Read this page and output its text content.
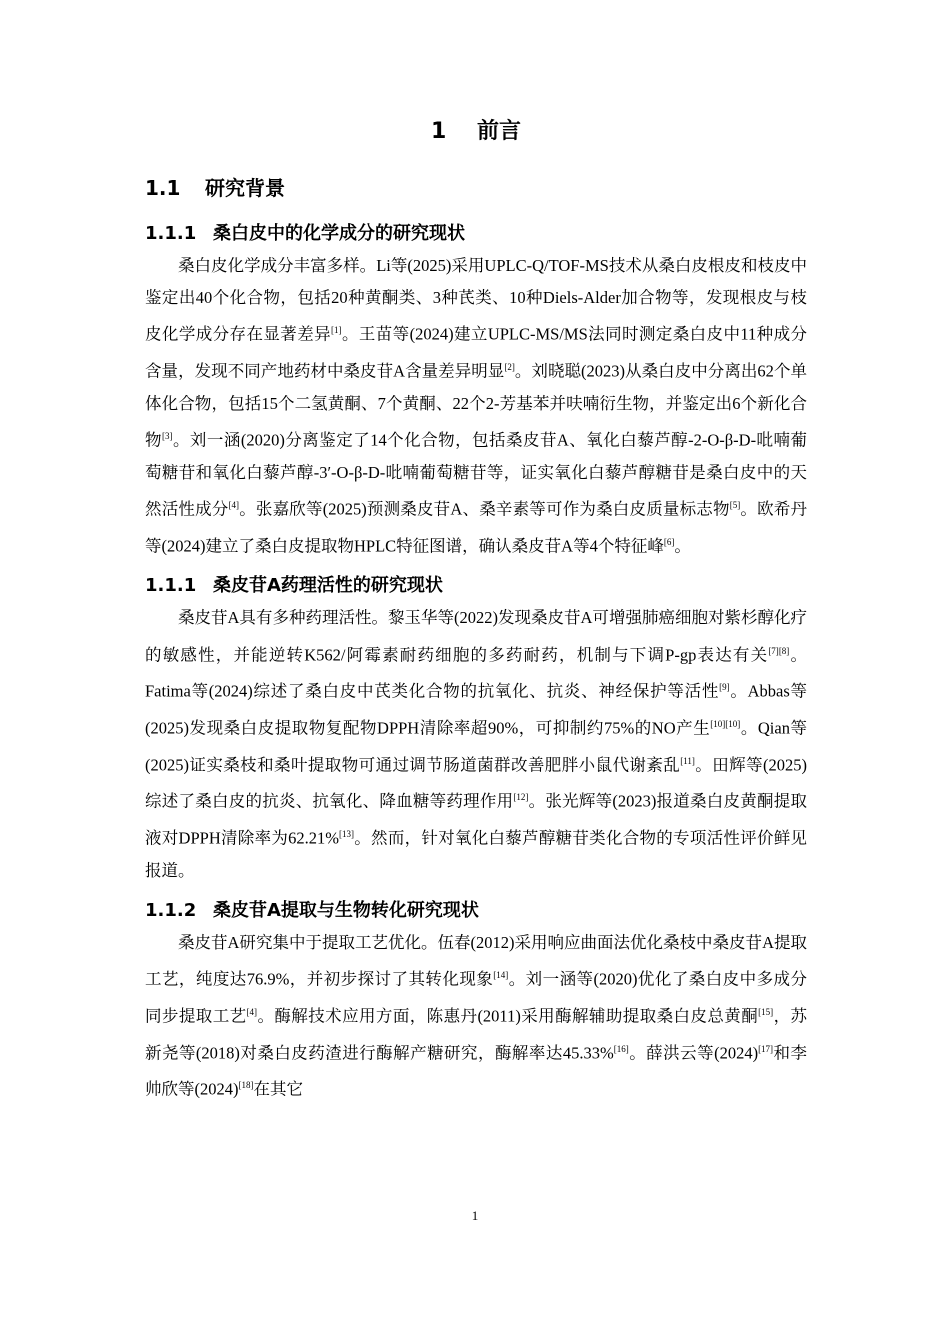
1 前言
1.1 研究背景
1.1.1 桑白皮中的化学成分的研究现状

桑白皮化学成分丰富多样。Li等(2025)采用UPLC-Q/TOF-MS技术从桑白皮根皮和枝皮中鉴定出40个化合物，包括20种黄酮类、3种芪类、10种Diels-Alder加合物等，发现根皮与枝皮化学成分存在显著差异[1]。王苗等(2024)建立UPLC-MS/MS法同时测定桑白皮中11种成分含量，发现不同产地药材中桑皮苷A含量差异明显[2]。刘晓聪(2023)从桑白皮中分离出62个单体化合物，包括15个二氢黄酮、7个黄酮、22个2-芳基苯并呋喃衍生物，并鉴定出6个新化合物[3]。刘一涵(2020)分离鉴定了14个化合物，包括桑皮苷A、氧化白藜芦醇-2-O-β-D-吡喃葡萄糖苷和氧化白藜芦醇-3′-O-β-D-吡喃葡萄糖苷等，证实氧化白藜芦醇糖苷是桑白皮中的天然活性成分[4]。张嘉欣等(2025)预测桑皮苷A、桑辛素等可作为桑白皮质量标志物[5]。欧希丹等(2024)建立了桑白皮提取物HPLC特征图谱，确认桑皮苷A等4个特征峰[6]。

1.1.1 桑皮苷A药理活性的研究现状

桑皮苷A具有多种药理活性。黎玉华等(2022)发现桑皮苷A可增强肺癌细胞对紫杉醇化疗的敏感性，并能逆转K562/阿霉素耐药细胞的多药耐药，机制与下调P-gp表达有关[7][8]。Fatima等(2024)综述了桑白皮中芪类化合物的抗氧化、抗炎、神经保护等活性[9]。Abbas等(2025)发现桑白皮提取物复配物DPPH清除率超90%，可抑制约75%的NO产生[10][10]。Qian等(2025)证实桑枝和桑叶提取物可通过调节肠道菌群改善肥胖小鼠代谢紊乱[11]。田辉等(2025)综述了桑白皮的抗炎、抗氧化、降血糖等药理作用[12]。张光辉等(2023)报道桑白皮黄酮提取液对DPPH清除率为62.21%[13]。然而，针对氧化白藜芦醇糖苷类化合物的专项活性评价鲜见报道。

1.1.2 桑皮苷A提取与生物转化研究现状

桑皮苷A研究集中于提取工艺优化。伍春(2012)采用响应曲面法优化桑枝中桑皮苷A提取工艺，纯度达76.9%，并初步探讨了其转化现象[14]。刘一涵等(2020)优化了桑白皮中多成分同步提取工艺[4]。酶解技术应用方面，陈惠丹(2011)采用酶解辅助提取桑白皮总黄酮[15]，苏新尧等(2018)对桑白皮药渣进行酶解产糖研究，酶解率达45.33%[16]。薛洪云等(2024)[17]和李帅欣等(2024)[18]在其它

1
